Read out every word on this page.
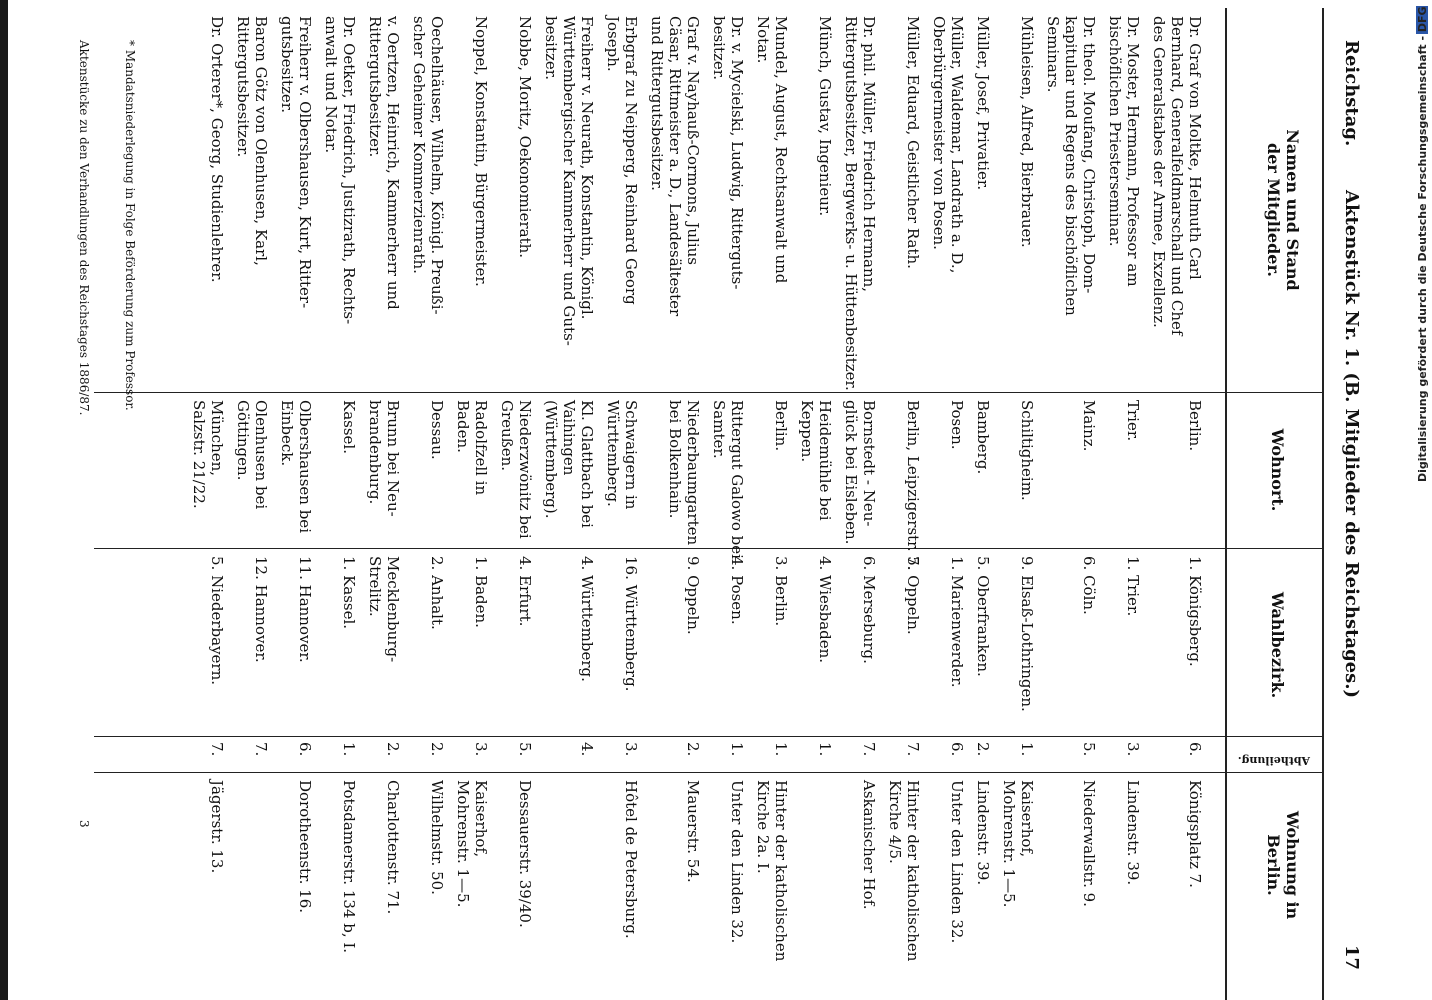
Digitalisierung gefördert durch die Deutsche Forschungsgemeinschaft - DFG
Reichstag.
Aktenstück Nr. 1. (B. Mitglieder des Reichstages.)
17
Namen und Stand der Mitglieder.
Wohnort.
Wahlbezirk.
Abtheilung.
Wohnung in Berlin.
Dr. Graf von Moltke, Helmuth Carl
Bernhard, Generalfeldmarschall und Chef
des Generalstabes der Armee, Exzellenz.
Berlin.
1. Königsberg.
6.
Königsplatz 7.
Dr. Moster, Hermann, Professor am
bischöflichen Priesterseminar.
Trier.
1. Trier.
3.
Lindenstr. 39.
Dr. theol. Moufang, Christoph, Dom-
kapitular und Regens des bischöflichen
Seminars.
Mainz.
6. Cöln.
5.
Niederwallstr. 9.
Mühleisen, Alfred, Bierbrauer.
Schiltigheim.
9. Elsaß-Lothringen.
1.
Kaiserhof,
Mohrenstr. 1—5.
Müller, Josef, Privatier.
Bamberg.
5. Oberfranken.
2.
Lindenstr. 39.
Müller, Waldemar, Landrath a. D.,
Oberbürgermeister von Posen.
Posen.
1. Marienwerder.
6.
Unter den Linden 32.
Müller, Eduard, Geistlicher Rath.
Berlin, Leipzigerstr. 5.
7. Oppeln.
7.
Hinter der katholischen
Kirche 4/5.
Dr. phil. Müller, Friedrich Hermann,
Rittergutsbesitzer, Bergwerks- u. Hüttenbesitzer.
Bornstedt - Neu-
glück bei Eisleben.
6. Merseburg.
7.
Askanischer Hof.
Münch, Gustav, Ingenieur.
Heidemühle bei
Keppen.
4. Wiesbaden.
1.
Mundel, August, Rechtsanwalt und
Notar.
Berlin.
3. Berlin.
1.
Hinter der katholischen
Kirche 2a. I.
Dr. v. Mycielski, Ludwig, Ritterguts-
besitzer.
Rittergut Galowo bei
Samter.
4. Posen.
1.
Unter den Linden 32.
Graf v. Nayhauß-Cormons, Julius
Cäsar, Rittmeister a. D., Landesältester
und Rittergutsbesitzer.
Niederbaumgarten
bei Bolkenhain.
9. Oppeln.
2.
Mauerstr. 54.
Erbgraf zu Neipperg, Reinhard Georg
Joseph.
Schwaigern in
Württemberg.
16. Württemberg.
3.
Hôtel de Petersburg.
Freiherr v. Neurath, Konstantin, Königl.
Württembergischer Kammerherr und Guts-
besitzer.
Kl. Glattbach bei
Vaihingen
(Württemberg).
4. Württemberg.
4.
Nobbe, Moritz, Oekonomierath.
Niederzwönitz bei
Greußen.
4. Erfurt.
5.
Dessauerstr. 39/40.
Noppel, Konstantin, Bürgermeister.
Radolfzell in
Baden.
1. Baden.
3.
Kaiserhof,
Mohrenstr. 1—5.
Oechelhäuser, Wilhelm, Königl. Preußi-
scher Geheimer Kommerzienrath.
Dessau.
2. Anhalt.
2.
Wilhelmstr. 50.
v. Oertzen, Heinrich, Kammerherr und
Rittergutsbesitzer.
Brunn bei Neu-
brandenburg.
Mecklenburg-
Strelitz.
2.
Charlottenstr. 71.
Dr. Oetker, Friedrich, Justizrath, Rechts-
anwalt und Notar.
Kassel.
1. Kassel.
1.
Potsdamerstr. 134 b, I.
Freiherr v. Olbershausen, Kurt, Ritter-
gutsbesitzer.
Olbershausen bei
Einbeck.
11. Hannover.
6.
Dorotheenstr. 16.
Baron Götz von Olenhusen, Karl,
Rittergutsbesitzer.
Olenhusen bei
Göttingen.
12. Hannover.
7.
Dr. Orterer*, Georg, Studienlehrer.
München,
Salzstr. 21/22.
5. Niederbayern.
7.
Jägerstr. 13.
* Mandatsniederlegung in Folge Beförderung zum Professor.
Aktenstücke zu den Verhandlungen des Reichstages 1886/87.
3
